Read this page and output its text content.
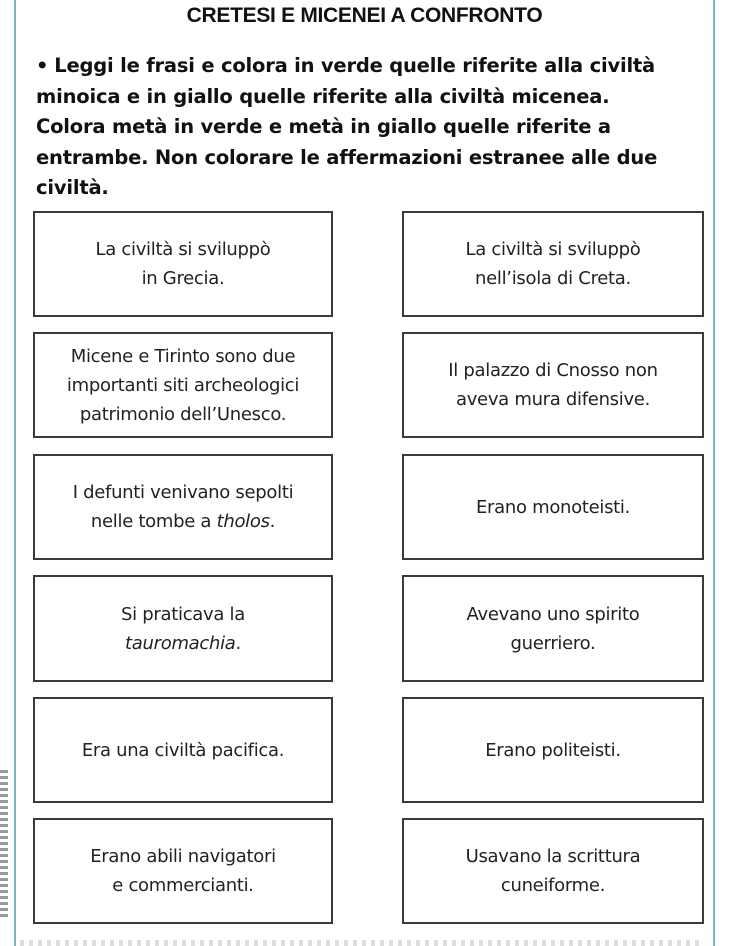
CRETESI E MICENEI A CONFRONTO
• Leggi le frasi e colora in verde quelle riferite alla civiltà
minoica e in giallo quelle riferite alla civiltà micenea.
Colora metà in verde e metà in giallo quelle riferite a
entrambe. Non colorare le affermazioni estranee alle due
civiltà.
La civiltà si sviluppò
in Grecia.
La civiltà si sviluppò
nell’isola di Creta.
Micene e Tirinto sono due
importanti siti archeologici
patrimonio dell’Unesco.
Il palazzo di Cnosso non
aveva mura difensive.
I defunti venivano sepolti
nelle tombe a tholos.
Erano monoteisti.
Si praticava la
tauromachia.
Avevano uno spirito
guerriero.
Era una civiltà pacifica.	Erano politeisti.
Erano abili navigatori
e commercianti.
Usavano la scrittura
cuneiforme.
